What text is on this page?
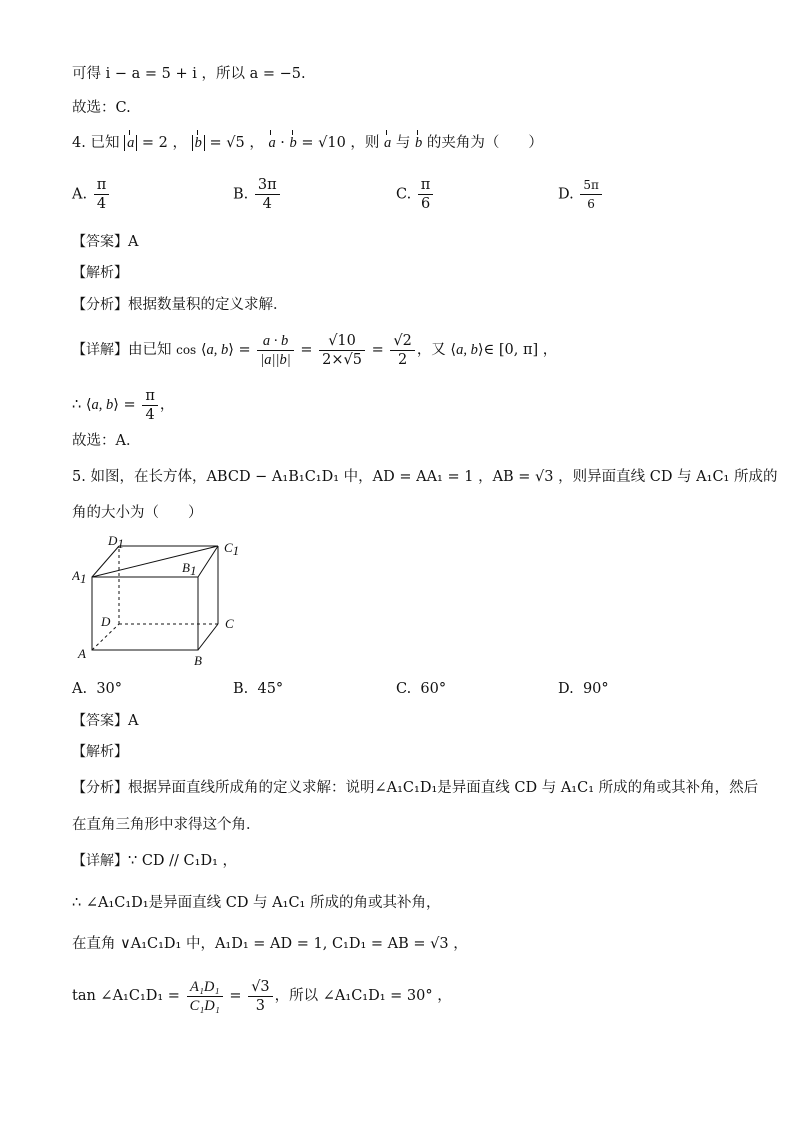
可得 i − a = 5 + i ，所以 a = −5.
故选：C.
4. 已知 a = 2 ， b = √5 ， a · b = √10 ，则 a 与 b 的夹角为（　　）
A. $\frac{\pi}{4}$	B. $\frac{3\pi}{4}$	C. $\frac{\pi}{6}$	D. $\frac{5\pi}{6}$
【答案】A
【解析】
【分析】根据数量积的定义求解．
【详解】由已知 cos ⟨a, b⟩ = $\frac{a \cdot b}{|a||b|} = \frac{√10}{2\times√5} = \frac{√2}{2}$ ，又 ⟨a, b⟩∈ [0, π] ，
∴ ⟨a, b⟩ = $\frac{\pi}{4}$ ，
故选：A．
5. 如图，在长方体，ABCD − A₁B₁C₁D₁ 中，AD = AA₁ = 1 ，AB = √3 ，则异面直线 CD 与 A₁C₁ 所成的
角的大小为（　　）
D1	C1
A1
B1
D	C
A	B
A. 30°	B. 45°	C. 60°	D. 90°
【答案】A
【解析】
【分析】根据异面直线所成角的定义求解：说明∠A₁C₁D₁是异面直线 CD 与 A₁C₁ 所成的角或其补角，然后
在直角三角形中求得这个角．
【详解】∵ CD // C₁D₁ ，
∴ ∠A₁C₁D₁是异面直线 CD 与 A₁C₁ 所成的角或其补角，
在直角 ∨A₁C₁D₁ 中，A₁D₁ = AD = 1, C₁D₁ = AB = √3 ，
tan ∠A₁C₁D₁ = $\frac{\text{A₁D₁}}{\text{C₁D₁}} = \frac{√3}{3}$ ，所以 ∠A₁C₁D₁ = 30° ，
